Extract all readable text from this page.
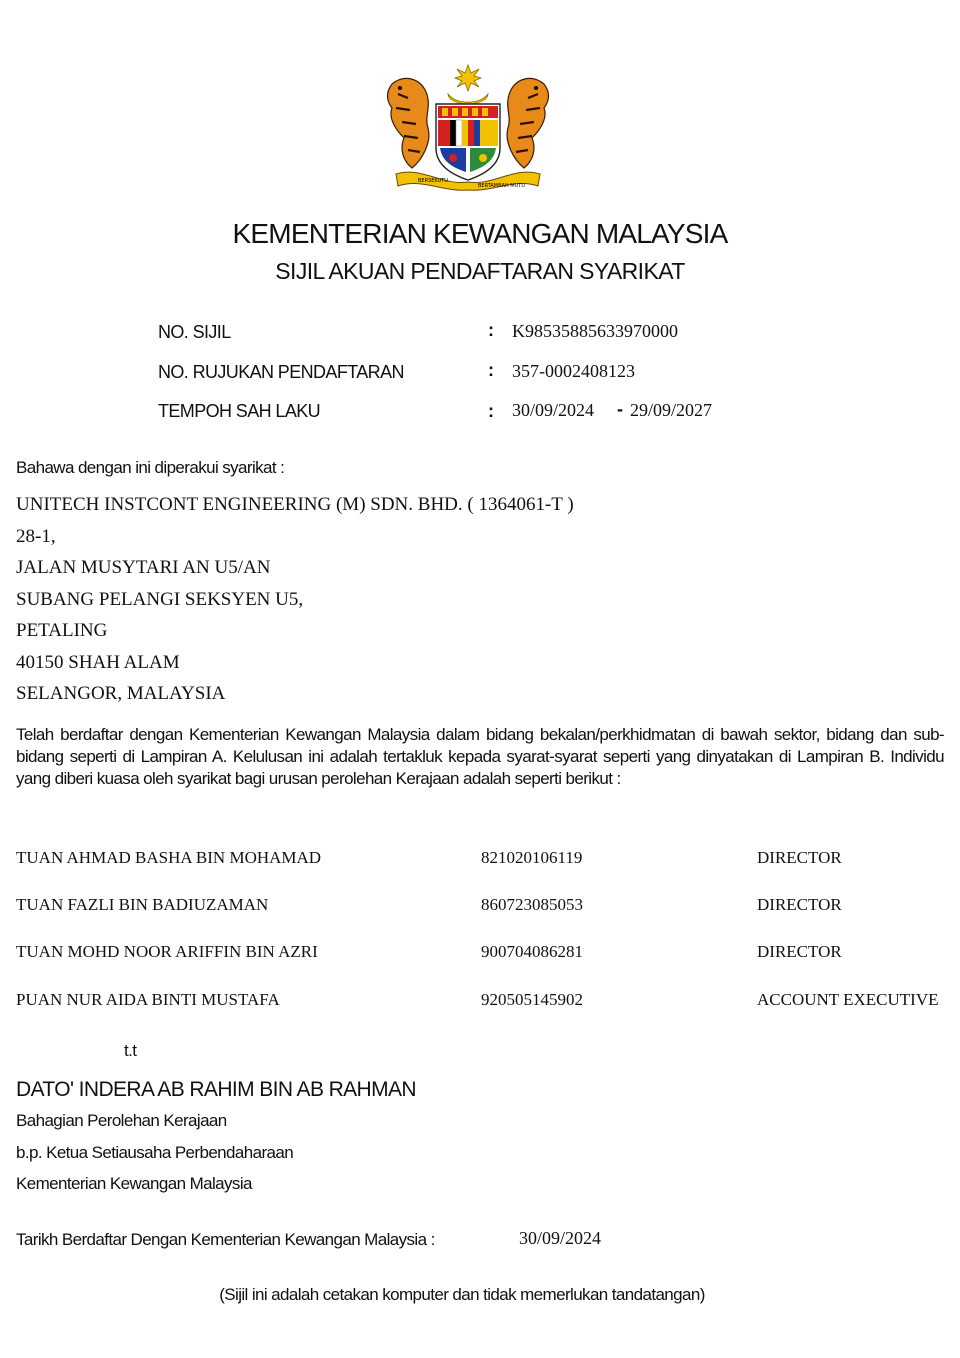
BERSEKUTU
BERTAMBAH MUTU
KEMENTERIAN KEWANGAN MALAYSIA
SIJIL AKUAN PENDAFTARAN SYARIKAT
NO. SIJIL	: K98535885633970000
NO. RUJUKAN PENDAFTARAN	: 357-0002408123
TEMPOH SAH LAKU	: 30/09/2024 - 29/09/2027
Bahawa dengan ini diperakui syarikat :
UNITECH INSTCONT ENGINEERING (M) SDN. BHD. ( 1364061-T )
28-1,
JALAN MUSYTARI AN U5/AN
SUBANG PELANGI SEKSYEN U5,
PETALING
40150 SHAH ALAM
SELANGOR, MALAYSIA
Telah berdaftar dengan Kementerian Kewangan Malaysia dalam bidang bekalan/perkhidmatan di bawah sektor, bidang dan sub-bidang seperti di Lampiran A. Kelulusan ini adalah tertakluk kepada syarat-syarat seperti yang dinyatakan di Lampiran B. Individu yang diberi kuasa oleh syarikat bagi urusan perolehan Kerajaan adalah seperti berikut :
TUAN AHMAD BASHA BIN MOHAMAD	821020106119	DIRECTOR
TUAN FAZLI BIN BADIUZAMAN	860723085053	DIRECTOR
TUAN MOHD NOOR ARIFFIN BIN AZRI	900704086281	DIRECTOR
PUAN NUR AIDA BINTI MUSTAFA	920505145902	ACCOUNT EXECUTIVE
t.t
DATO' INDERA AB RAHIM BIN AB RAHMAN
Bahagian Perolehan Kerajaan
b.p. Ketua Setiausaha Perbendaharaan
Kementerian Kewangan Malaysia
Tarikh Berdaftar Dengan Kementerian Kewangan Malaysia :	30/09/2024
(Sijil ini adalah cetakan komputer dan tidak memerlukan tandatangan)
